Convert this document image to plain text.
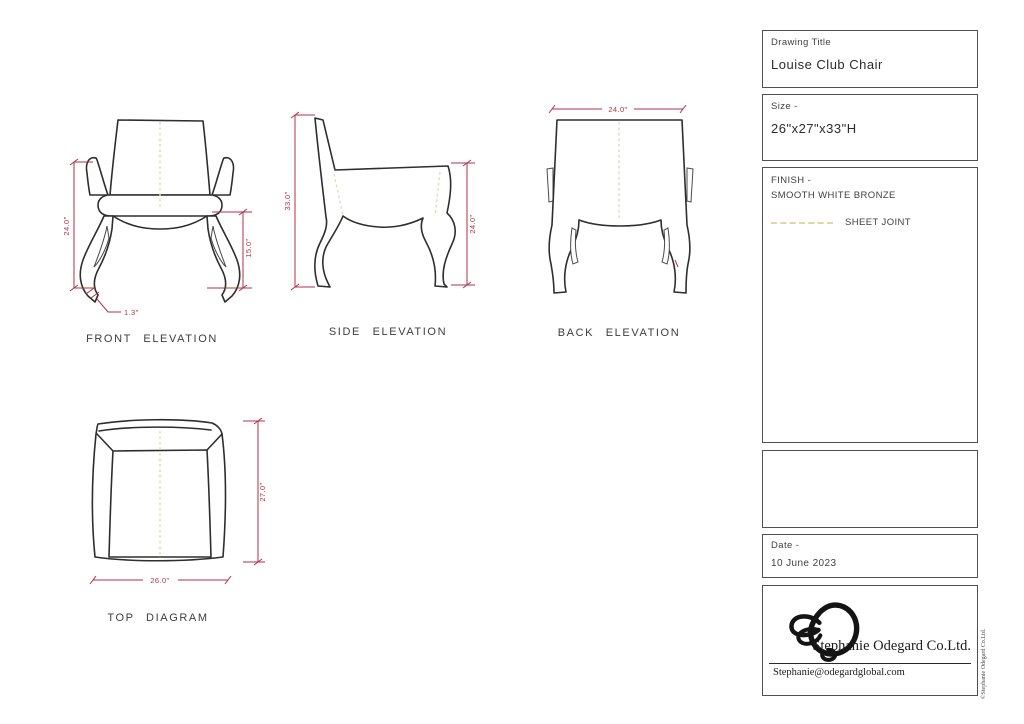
24.0"
15.0"
1.3"
FRONT ELEVATION
33.0"
24.0"
SIDE ELEVATION
24.0"
BACK ELEVATION
27.0"
26.0"
TOP DIAGRAM
Drawing Title
Louise Club Chair
Size -
26"x27"x33"H
FINISH -
SMOOTH WHITE BRONZE
SHEET JOINT
Date -
10 June 2023
Stephanie Odegard Co.Ltd.
Stephanie@odegardglobal.com	©Stephanie Odegard Co.Ltd.
